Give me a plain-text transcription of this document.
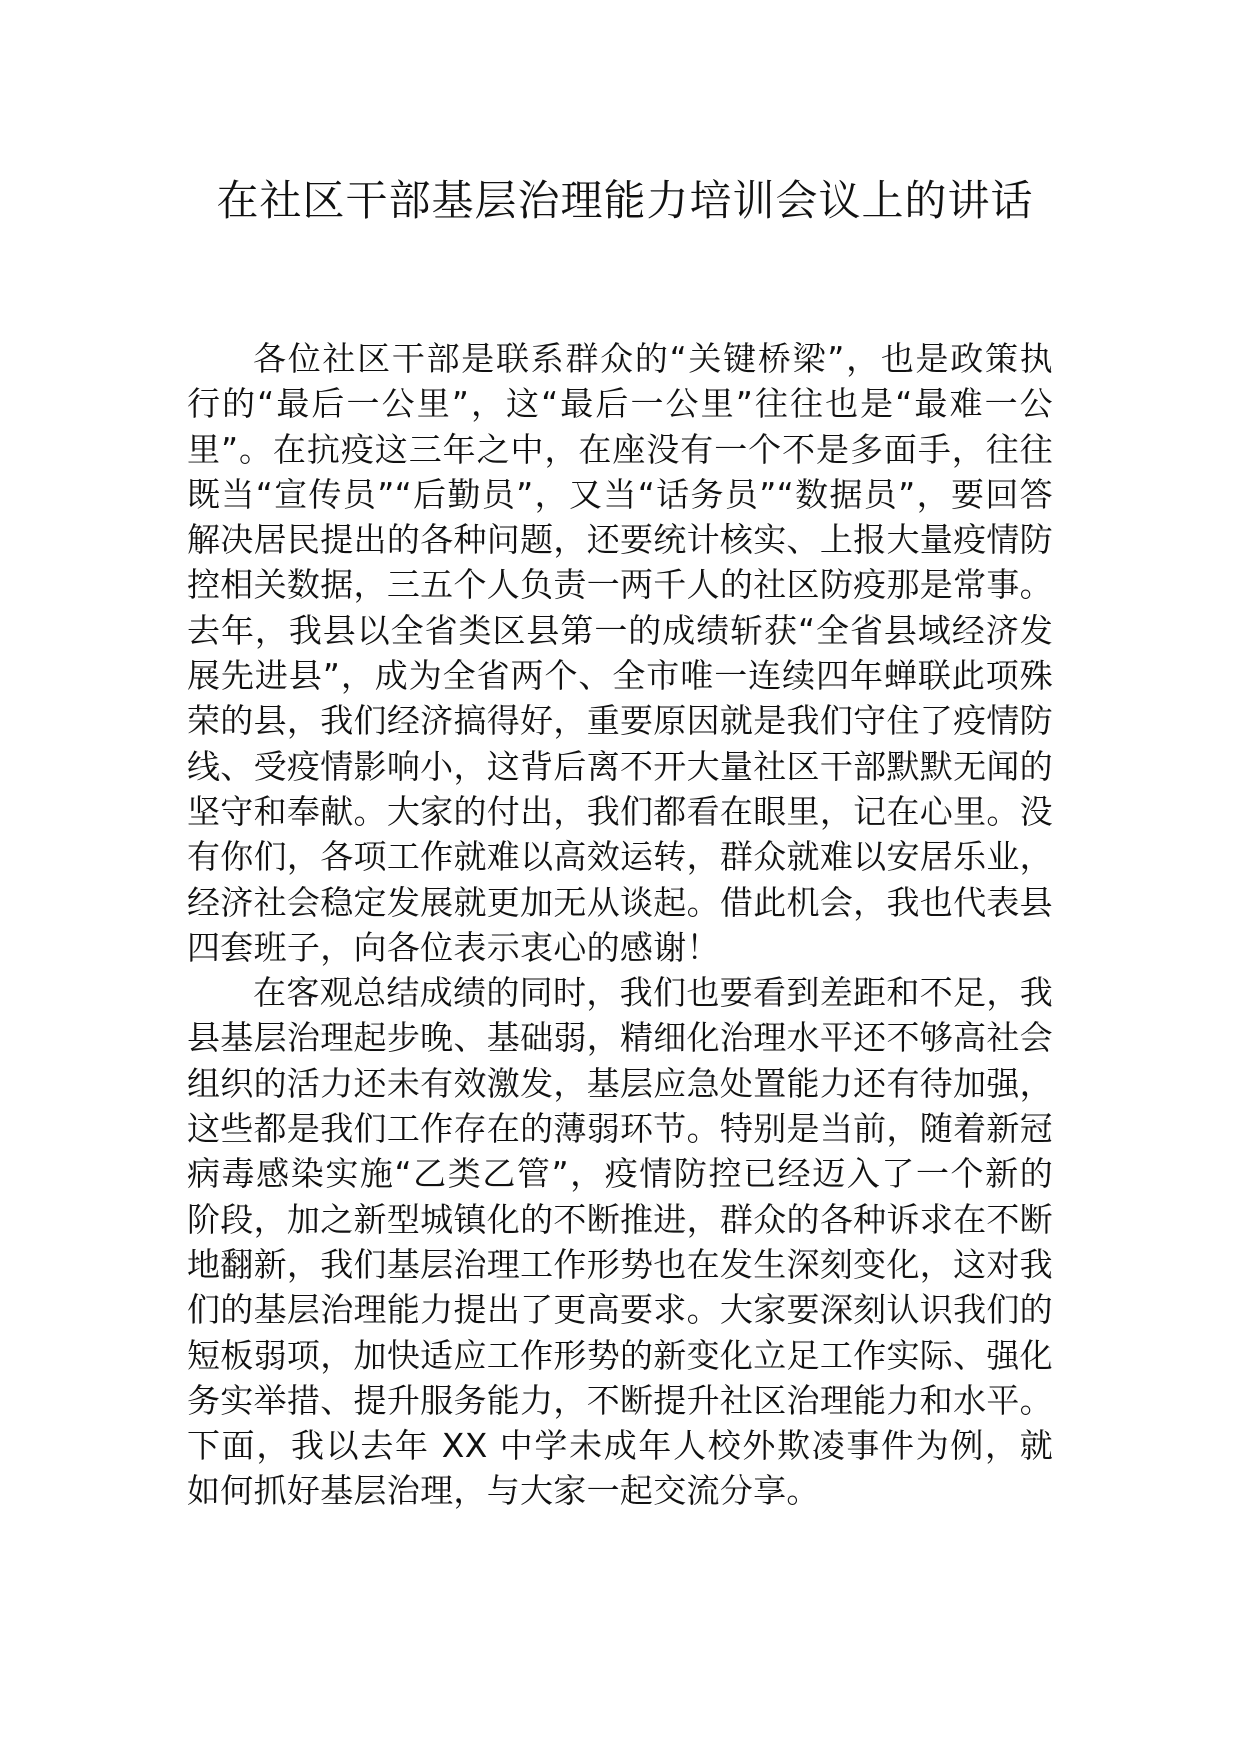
在社区干部基层治理能力培训会议上的讲话

各位社区干部是联系群众的“关键桥梁”，也是政策执行的“最后一公里”，这“最后一公里”往往也是“最难一公里”。在抗疫这三年之中，在座没有一个不是多面手，往往既当“宣传员”“后勤员”，又当“话务员”“数据员”，要回答解决居民提出的各种问题，还要统计核实、上报大量疫情防控相关数据，三五个人负责一两千人的社区防疫那是常事。去年，我县以全省类区县第一的成绩斩获“全省县域经济发展先进县”，成为全省两个、全市唯一连续四年蝉联此项殊荣的县，我们经济搞得好，重要原因就是我们守住了疫情防线、受疫情影响小，这背后离不开大量社区干部默默无闻的坚守和奉献。大家的付出，我们都看在眼里，记在心里。没有你们，各项工作就难以高效运转，群众就难以安居乐业，经济社会稳定发展就更加无从谈起。借此机会，我也代表县四套班子，向各位表示衷心的感谢！

在客观总结成绩的同时，我们也要看到差距和不足，我县基层治理起步晚、基础弱，精细化治理水平还不够高社会组织的活力还未有效激发，基层应急处置能力还有待加强，这些都是我们工作存在的薄弱环节。特别是当前，随着新冠病毒感染实施“乙类乙管”，疫情防控已经迈入了一个新的阶段，加之新型城镇化的不断推进，群众的各种诉求在不断地翻新，我们基层治理工作形势也在发生深刻变化，这对我们的基层治理能力提出了更高要求。大家要深刻认识我们的短板弱项，加快适应工作形势的新变化立足工作实际、强化务实举措、提升服务能力，不断提升社区治理能力和水平。下面，我以去年 XX 中学未成年人校外欺凌事件为例，就如何抓好基层治理，与大家一起交流分享。
